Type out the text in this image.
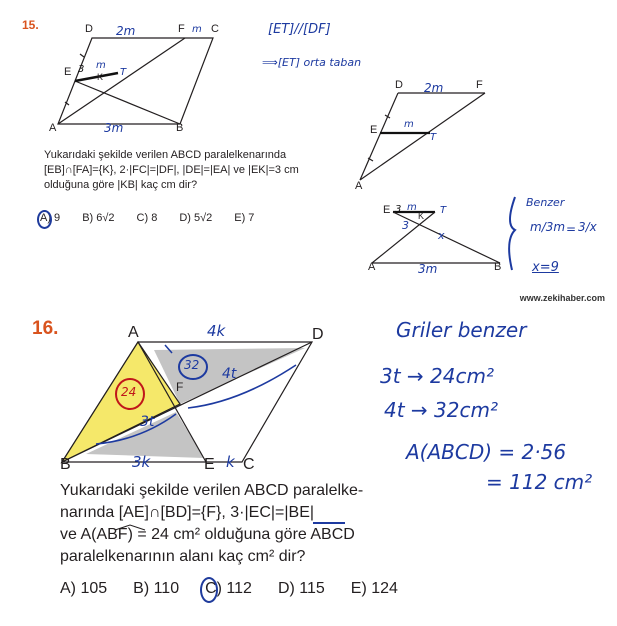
15.	D	F C
E	K
A	B
2m	m
3 m
T
3m
Yukarıdaki şekilde verilen ABCD paralelkenarında [EB]∩[FA]={K}, 2·|FC|=|DF|, |DE|=|EA| ve |EK|=3 cm olduğuna göre |KB| kaç cm dir?
A) 9 B) 6√2 C) 8 D) 5√2 E) 7
[ET]//[DF]
⟹[ET] orta taban
D	F
E
A
2m
m
T
E 3 m
K T
3
x
A	B
3m
Benzer
m/3m = 3/x
x=9
www.zekihaber.com
16.	A	D
F
B	E C
4k
3k	k
24
32
4t
3t
Yukarıdaki şekilde verilen ABCD paralelke-
narında [AE]∩[BD]={F}, 3·|EC|=|BE|
ve A(ABF) = 24 cm² olduğuna göre ABCD
paralelkenarının alanı kaç cm² dir?
A) 105 B) 110 C) 112 D) 115 E) 124
Griler benzer
3t → 24cm²
4t → 32cm²
A(ABCD) = 2·56
= 112 cm²
